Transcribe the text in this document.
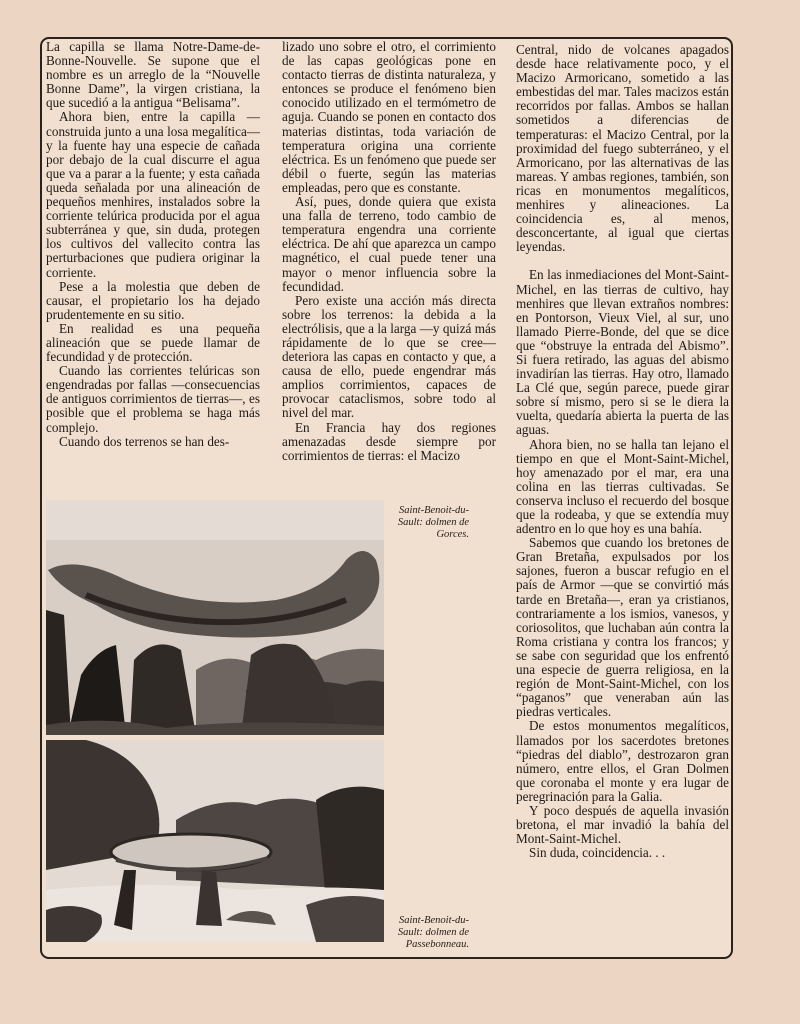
La capilla se llama Notre-Dame-de-Bonne-Nouvelle. Se supone que el nombre es un arreglo de la “Nouvelle Bonne Dame”, la virgen cristiana, la que sucedió a la antigua “Belisama”.

Ahora bien, entre la capilla —construida junto a una losa megalítica— y la fuente hay una especie de cañada por debajo de la cual discurre el agua que va a parar a la fuente; y esta cañada queda señalada por una alineación de pequeños menhires, instalados sobre la corriente telúrica producida por el agua subterránea y que, sin duda, protegen los cultivos del vallecito contra las perturbaciones que pudiera originar la corriente.

Pese a la molestia que deben de causar, el propietario los ha dejado prudentemente en su sitio.

En realidad es una pequeña alineación que se puede llamar de fecundidad y de protección.

Cuando las corrientes telúricas son engendradas por fallas —consecuencias de antiguos corrimientos de tierras—, es posible que el problema se haga más complejo.

Cuando dos terrenos se han des-

lizado uno sobre el otro, el corrimiento de las capas geológicas pone en contacto tierras de distinta naturaleza, y entonces se produce el fenómeno bien conocido utilizado en el termómetro de aguja. Cuando se ponen en contacto dos materias distintas, toda variación de temperatura origina una corriente eléctrica. Es un fenómeno que puede ser débil o fuerte, según las materias empleadas, pero que es constante.

Así, pues, donde quiera que exista una falla de terreno, todo cambio de temperatura engendra una corriente eléctrica. De ahí que aparezca un campo magnético, el cual puede tener una mayor o menor influencia sobre la fecundidad.

Pero existe una acción más directa sobre los terrenos: la debida a la electrólisis, que a la larga —y quizá más rápidamente de lo que se cree— deteriora las capas en contacto y que, a causa de ello, puede engendrar más amplios corrimientos, capaces de provocar cataclismos, sobre todo al nivel del mar.

En Francia hay dos regiones amenazadas desde siempre por corrimientos de tierras: el Macizo

Central, nido de volcanes apagados desde hace relativamente poco, y el Macizo Armoricano, sometido a las embestidas del mar. Tales macizos están recorridos por fallas. Ambos se hallan sometidos a diferencias de temperaturas: el Macizo Central, por la proximidad del fuego subterráneo, y el Armoricano, por las alternativas de las mareas. Y ambas regiones, también, son ricas en monumentos megalíticos, menhires y alineaciones. La coincidencia es, al menos, desconcertante, al igual que ciertas leyendas.

En las inmediaciones del Mont-Saint-Michel, en las tierras de cultivo, hay menhires que llevan extraños nombres: en Pontorson, Vieux Viel, al sur, uno llamado Pierre-Bonde, del que se dice que “obstruye la entrada del Abismo”. Si fuera retirado, las aguas del abismo invadirían las tierras. Hay otro, llamado La Clé que, según parece, puede girar sobre sí mismo, pero si se le diera la vuelta, quedaría abierta la puerta de las aguas.

Ahora bien, no se halla tan lejano el tiempo en que el Mont-Saint-Michel, hoy amenazado por el mar, era una colina en las tierras cultivadas. Se conserva incluso el recuerdo del bosque que la rodeaba, y que se extendía muy adentro en lo que hoy es una bahía.

Sabemos que cuando los bretones de Gran Bretaña, expulsados por los sajones, fueron a buscar refugio en el país de Armor —que se convirtió más tarde en Bretaña—, eran ya cristianos, contrariamente a los ismios, vanesos, y coriosolitos, que luchaban aún contra la Roma cristiana y contra los francos; y se sabe con seguridad que los enfrentó una especie de guerra religiosa, en la región de Mont-Saint-Michel, con los “paganos” que veneraban aún las piedras verticales.

De estos monumentos megalíticos, llamados por los sacerdotes bretones “piedras del diablo”, destrozaron gran número, entre ellos, el Gran Dolmen que coronaba el monte y era lugar de peregrinación para la Galia.

Y poco después de aquella invasión bretona, el mar invadió la bahía del Mont-Saint-Michel.

Sin duda, coincidencia. . .

Saint-Benoit-du-Sault: dolmen de Gorces.
Saint-Benoit-du-Sault: dolmen de Passebonneau.
